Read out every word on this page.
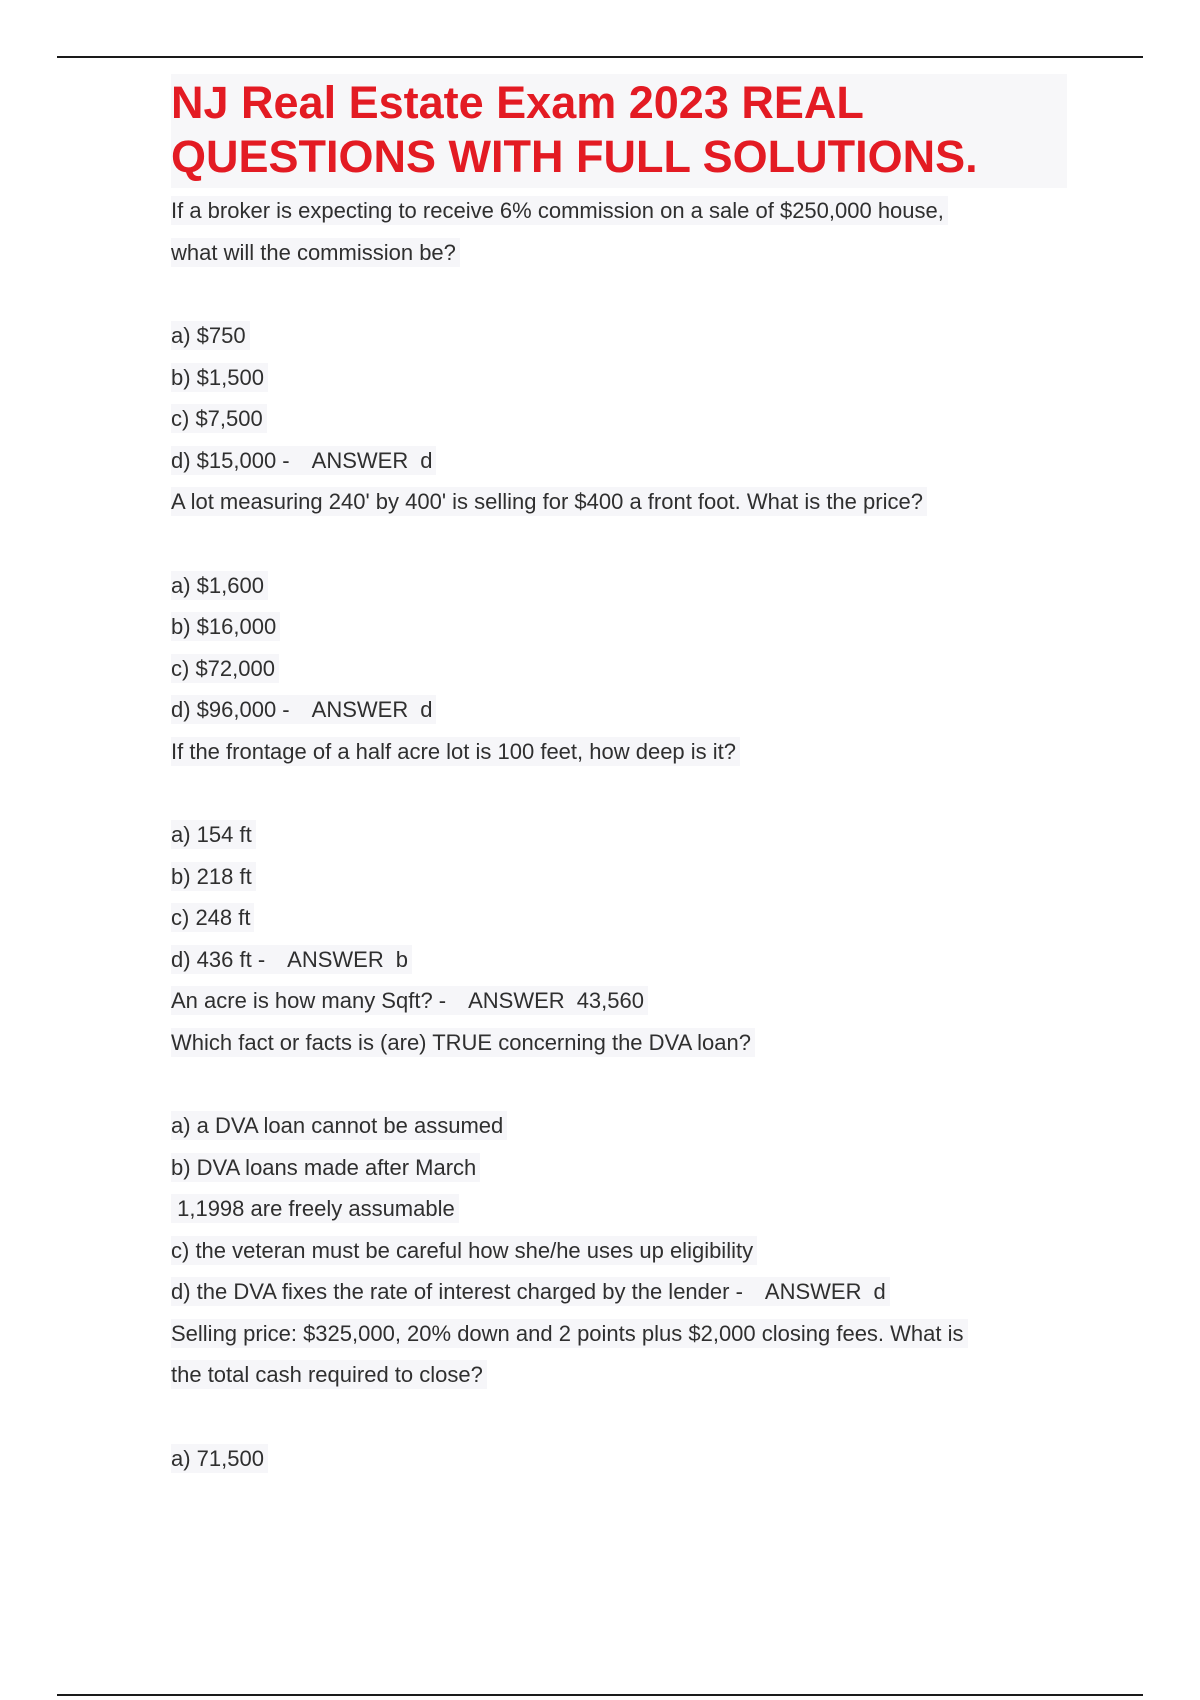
NJ Real Estate Exam 2023 REAL QUESTIONS WITH FULL SOLUTIONS.
If a broker is expecting to receive 6% commission on a sale of $250,000 house,
what will the commission be?
a) $750
b) $1,500
c) $7,500
d) $15,000 - ANSWER d
A lot measuring 240' by 400' is selling for $400 a front foot. What is the price?
a) $1,600
b) $16,000
c) $72,000
d) $96,000 - ANSWER d
If the frontage of a half acre lot is 100 feet, how deep is it?
a) 154 ft
b) 218 ft
c) 248 ft
d) 436 ft - ANSWER b
An acre is how many Sqft? - ANSWER 43,560
Which fact or facts is (are) TRUE concerning the DVA loan?
a) a DVA loan cannot be assumed
b) DVA loans made after March
1,1998 are freely assumable
c) the veteran must be careful how she/he uses up eligibility
d) the DVA fixes the rate of interest charged by the lender - ANSWER d
Selling price: $325,000, 20% down and 2 points plus $2,000 closing fees. What is
the total cash required to close?
a) 71,500
